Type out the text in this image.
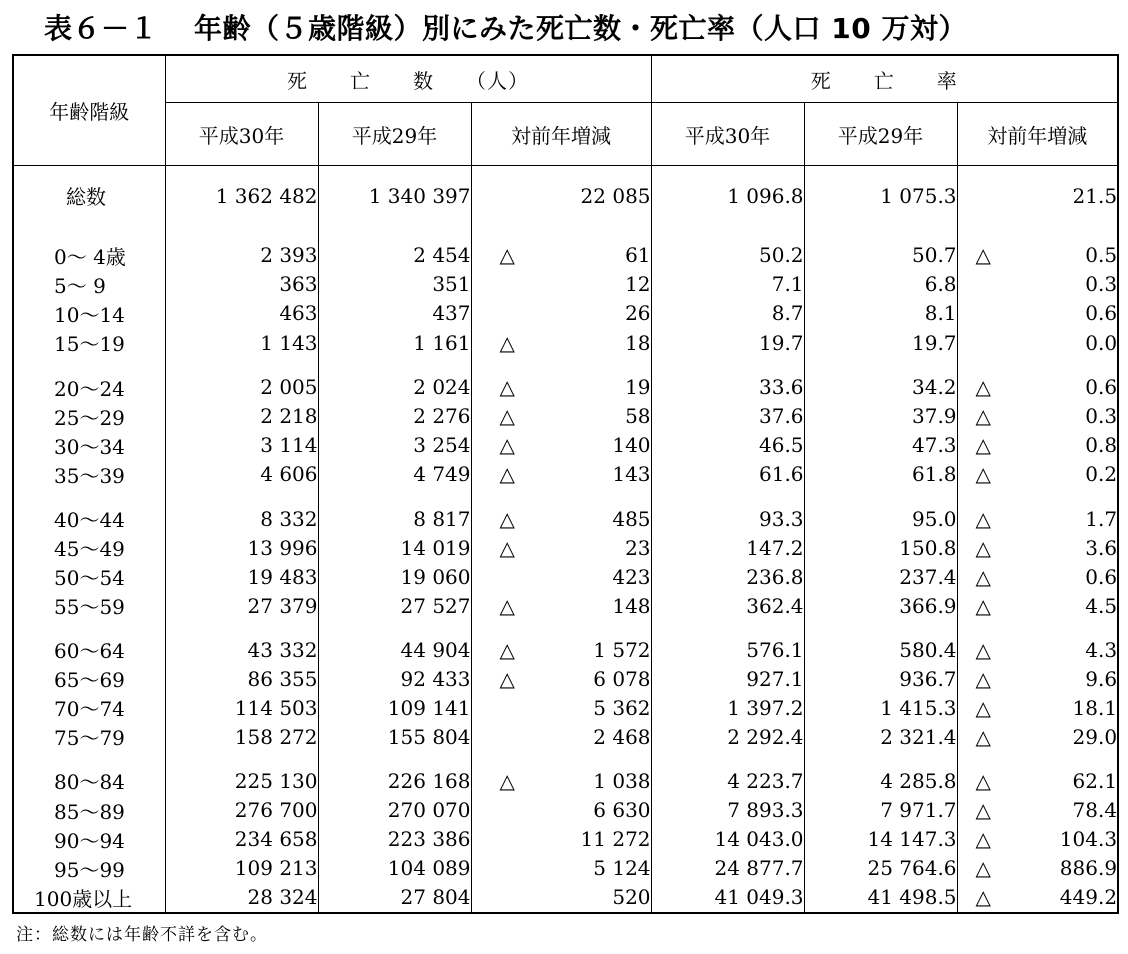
表６－１ 年齢（５歳階級）別にみた死亡数・死亡率（人口 10 万対）
年齢階級	死　　亡　　数　　（人）			死　　亡　　率		
	平成30年	平成29年	対前年増減	平成30年	平成29年	対前年増減
総数	1 362 482	1 340 397	22 085	1 096.8	1 075.3	21.5

0～ 4歳	2 393	2 454	△ 61	50.2	50.7	△ 0.5

5～ 9	363	351	12	7.1	6.8	0.3

10～14	463	437	26	8.7	8.1	0.6

15～19	1 143	1 161	△ 18	19.7	19.7	0.0

20～24	2 005	2 024	△ 19	33.6	34.2	△ 0.6

25～29	2 218	2 276	△ 58	37.6	37.9	△ 0.3

30～34	3 114	3 254	△ 140	46.5	47.3	△ 0.8

35～39	4 606	4 749	△ 143	61.6	61.8	△ 0.2

40～44	8 332	8 817	△ 485	93.3	95.0	△ 1.7

45～49	13 996	14 019	△ 23	147.2	150.8	△ 3.6

50～54	19 483	19 060	423	236.8	237.4	△ 0.6

55～59	27 379	27 527	△ 148	362.4	366.9	△ 4.5

60～64	43 332	44 904	△ 1 572	576.1	580.4	△ 4.3

65～69	86 355	92 433	△ 6 078	927.1	936.7	△ 9.6

70～74	114 503	109 141	5 362	1 397.2	1 415.3	△ 18.1

75～79	158 272	155 804	2 468	2 292.4	2 321.4	△ 29.0

80～84	225 130	226 168	△ 1 038	4 223.7	4 285.8	△ 62.1

85～89	276 700	270 070	6 630	7 893.3	7 971.7	△ 78.4

90～94	234 658	223 386	11 272	14 043.0	14 147.3	△ 104.3

95～99	109 213	104 089	5 124	24 877.7	25 764.6	△ 886.9

100歳以上	28 324	27 804	520	41 049.3	41 498.5	△ 449.2
注：総数には年齢不詳を含む。
